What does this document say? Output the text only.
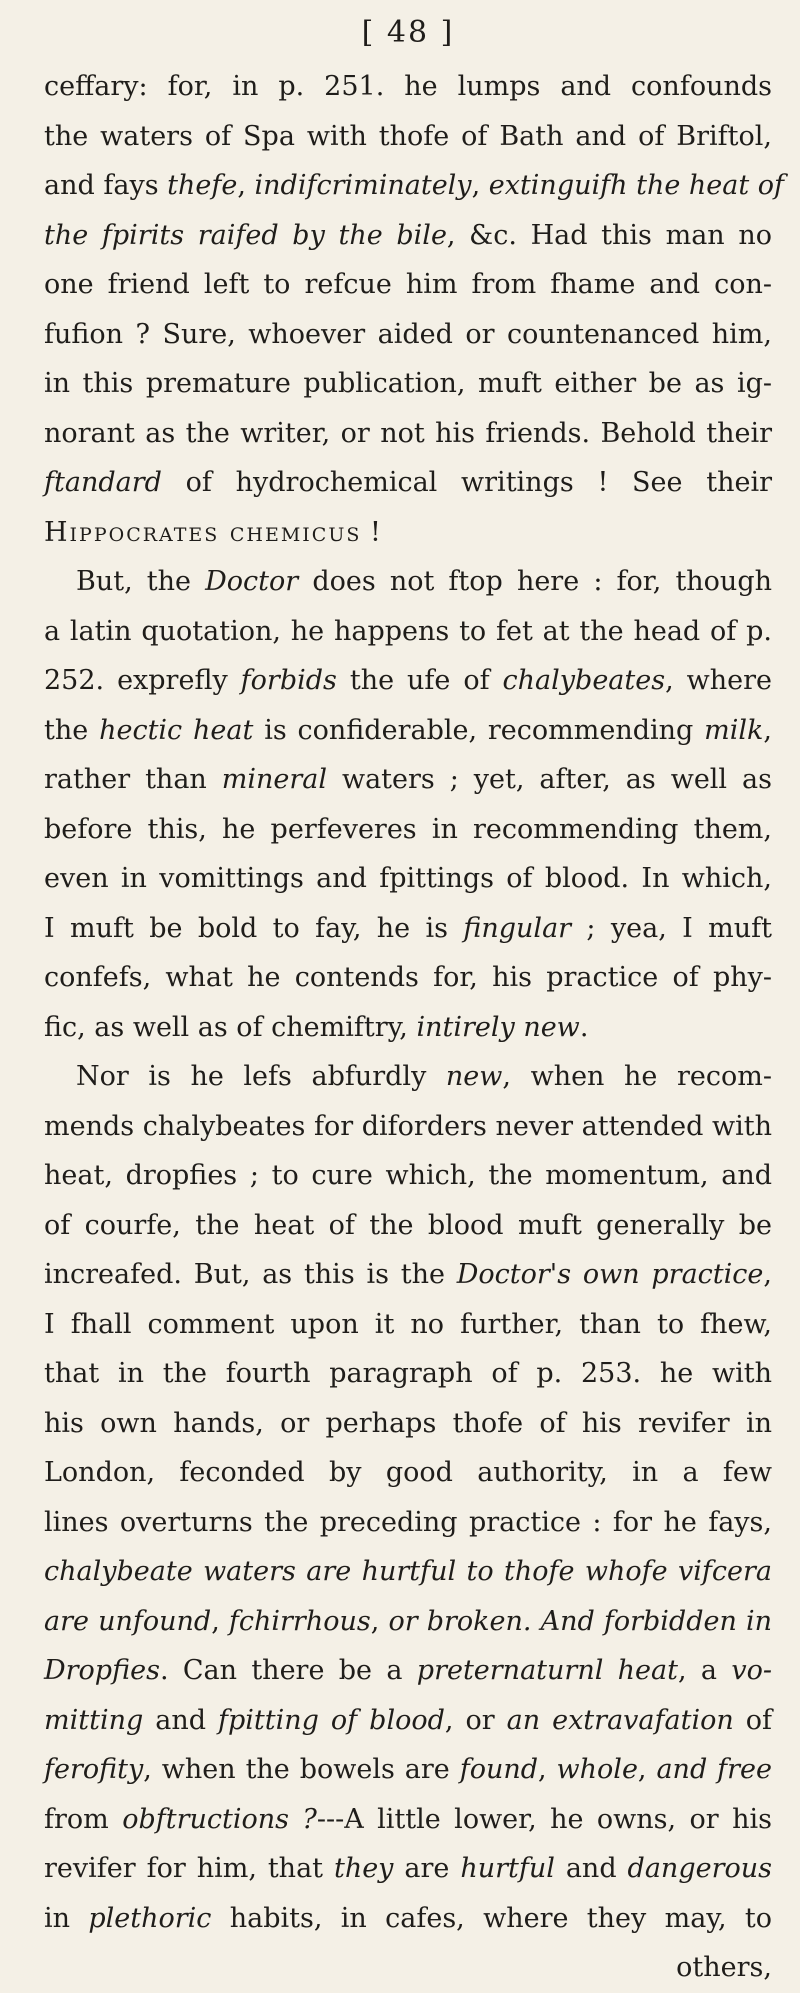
[ 48 ]
ceffary: for, in p. 251. he lumps and confounds
the waters of Spa with thofe of Bath and of Briftol,
and fays thefe, indifcriminately, extinguifh the heat of
the fpirits raifed by the bile, &c. Had this man no
one friend left to refcue him from fhame and con-
fufion ? Sure, whoever aided or countenanced him,
in this premature publication, muft either be as ig-
norant as the writer, or not his friends. Behold their
ftandard of hydrochemical writings ! See their
Hippocrates chemicus !
But, the Doctor does not ftop here : for, though
a latin quotation, he happens to fet at the head of p.
252. exprefly forbids the ufe of chalybeates, where
the hectic heat is confiderable, recommending milk,
rather than mineral waters ; yet, after, as well as
before this, he perfeveres in recommending them,
even in vomittings and fpittings of blood. In which,
I muft be bold to fay, he is fingular ; yea, I muft
confefs, what he contends for, his practice of phy-
fic, as well as of chemiftry, intirely new.
Nor is he lefs abfurdly new, when he recom-
mends chalybeates for diforders never attended with
heat, dropfies ; to cure which, the momentum, and
of courfe, the heat of the blood muft generally be
increafed. But, as this is the Doctor's own practice,
I fhall comment upon it no further, than to fhew,
that in the fourth paragraph of p. 253. he with
his own hands, or perhaps thofe of his revifer in
London, feconded by good authority, in a few
lines overturns the preceding practice : for he fays,
chalybeate waters are hurtful to thofe whofe vifcera
are unfound, fchirrhous, or broken. And forbidden in
Dropfies. Can there be a preternaturnl heat, a vo-
mitting and fpitting of blood, or an extravafation of
ferofity, when the bowels are found, whole, and free
from obftructions ?---A little lower, he owns, or his
revifer for him, that they are hurtful and dangerous
in plethoric habits, in cafes, where they may, to
others,
